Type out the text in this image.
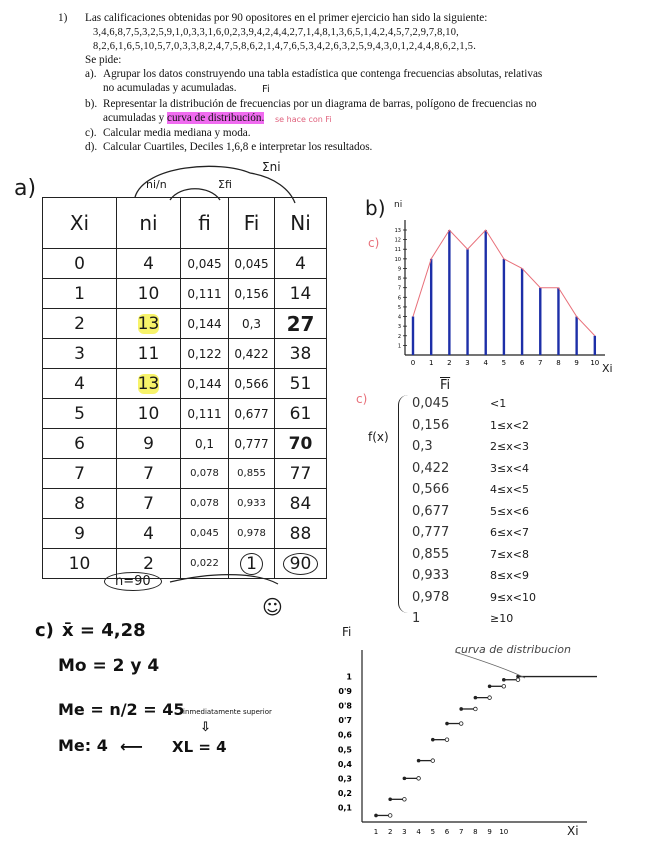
1) Las calificaciones obtenidas por 90 opositores en el primer ejercicio han sido la siguiente:
3,4,6,8,7,5,3,2,5,9,1,0,3,3,1,6,0,2,3,9,4,2,4,4,2,7,1,4,8,1,3,6,5,1,4,2,4,5,7,2,9,7,8,10,
8,2,6,1,6,5,10,5,7,0,3,3,8,2,4,7,5,8,6,2,1,4,7,6,5,3,4,2,6,3,2,5,9,4,3,0,1,2,4,4,8,6,2,1,5.
Se pide:
a). Agrupar los datos construyendo una tabla estadística que contenga frecuencias absolutas, relativas
no acumuladas y acumuladas.	Fi
b). Representar la distribución de frecuencias por un diagrama de barras, polígono de frecuencias no
acumuladas y curva de distribución. se hace con Fi
c). Calcular media mediana y moda.
d). Calcular Cuartiles, Deciles 1,6,8 e interpretar los resultados.
a)	ni/n	Σfi
Σni
Xi	ni	fi	Fi	Ni
0	4	0,045	0,045	4
1	10	0,111	0,156	14
2	13	0,144	0,3	27
3	11	0,122	0,422	38
4	13	0,144	0,566	51
5	10	0,111	0,677	61
6	9	0,1	0,777	70
7	7	0,078	0,855	77
8	7	0,078	0,933	84
9	4	0,045	0,978	88
10	2	0,022	1	90
n=90
☺
b)
c)
ni
Xi
1
2
3
4
5
6
7
8
9
10
11
12
13
0 1 2 3 4 5 6 7 8 9 10
c)
f(x)
$\overline{Fi}$
0,045	<1
0,156	1≤x<2
0,3	2≤x<3
0,422	3≤x<4
0,566	4≤x<5
0,677	5≤x<6
0,777	6≤x<7
0,855	7≤x<8
0,933	8≤x<9
0,978	9≤x<10
1	≥10
c) x̄ = 4,28
Mo = 2 y 4
Me = n/2 = 45
inmediatamente superior
⇩
Me: 4 ⟵ XL = 4
Fi
Xi
curva de distribucion
0,1
0,2
0,3
0,4
0,5
0,6
0'7
0'8
0'9
1
1 2 3 4 5 6 7 8 9 10
